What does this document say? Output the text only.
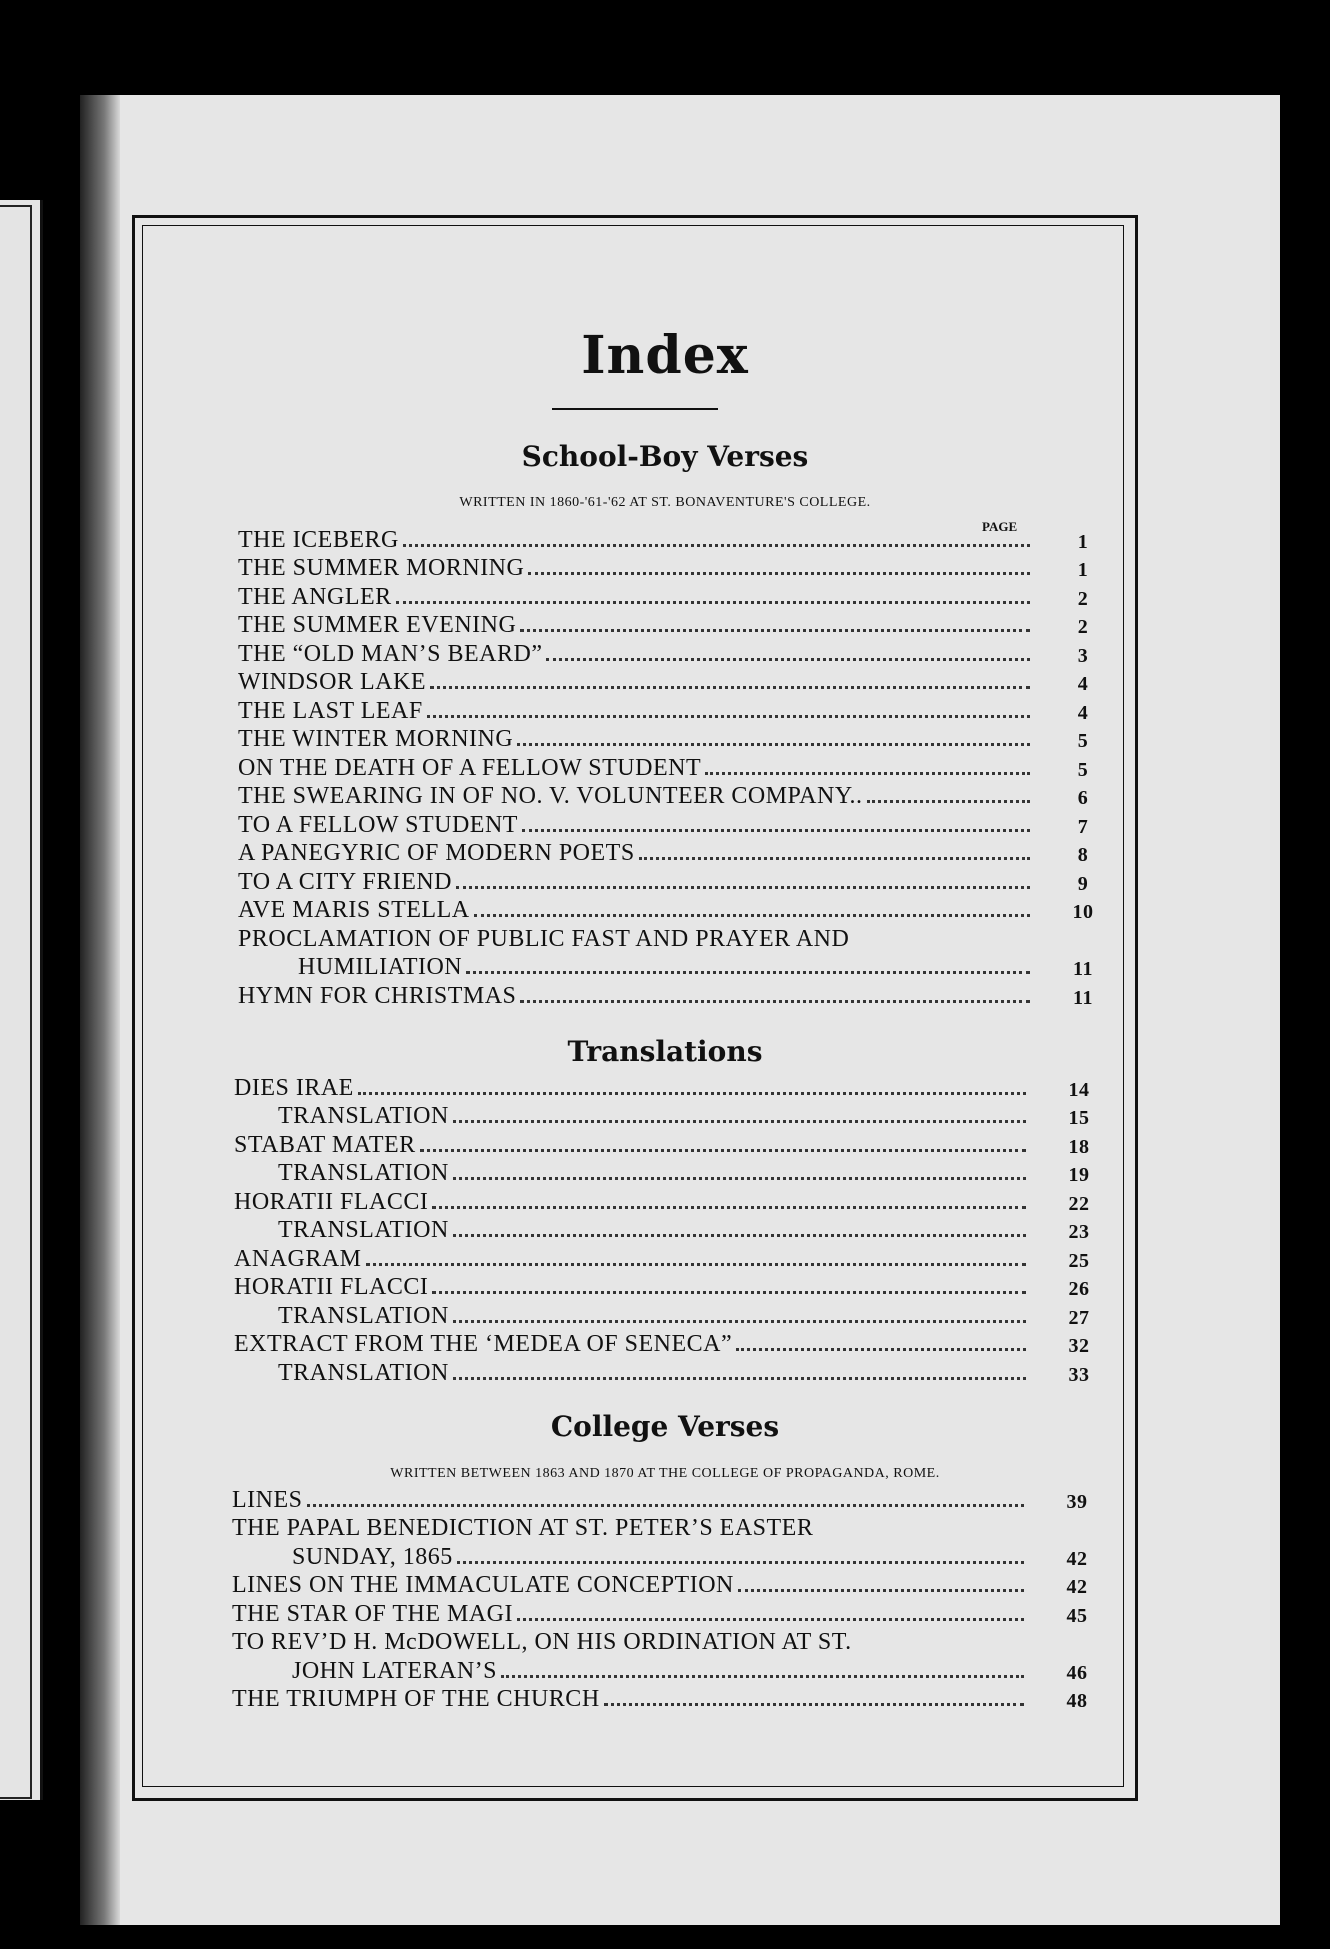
Index
School-Boy Verses
WRITTEN IN 1860-'61-'62 AT ST. BONAVENTURE'S COLLEGE.
PAGE
THE ICEBERG	1
THE SUMMER MORNING	1
THE ANGLER	2
THE SUMMER EVENING	2
THE “OLD MAN’S BEARD”	3
WINDSOR LAKE	4
THE LAST LEAF	4
THE WINTER MORNING	5
ON THE DEATH OF A FELLOW STUDENT	5
THE SWEARING IN OF NO. V. VOLUNTEER COMPANY..	6
TO A FELLOW STUDENT	7
A PANEGYRIC OF MODERN POETS	8
TO A CITY FRIEND	9
AVE MARIS STELLA	10
PROCLAMATION OF PUBLIC FAST AND PRAYER AND
HUMILIATION	11
HYMN FOR CHRISTMAS	11
Translations
DIES IRAE	14
TRANSLATION	15
STABAT MATER	18
TRANSLATION	19
HORATII FLACCI	22
TRANSLATION	23
ANAGRAM	25
HORATII FLACCI	26
TRANSLATION	27
EXTRACT FROM THE ‘MEDEA OF SENECA”	32
TRANSLATION	33
College Verses
WRITTEN BETWEEN 1863 AND 1870 AT THE COLLEGE OF PROPAGANDA, ROME.
LINES	39
THE PAPAL BENEDICTION AT ST. PETER’S EASTER
SUNDAY, 1865	42
LINES ON THE IMMACULATE CONCEPTION	42
THE STAR OF THE MAGI	45
TO REV’D H. McDOWELL, ON HIS ORDINATION AT ST.
JOHN LATERAN’S	46
THE TRIUMPH OF THE CHURCH	48
